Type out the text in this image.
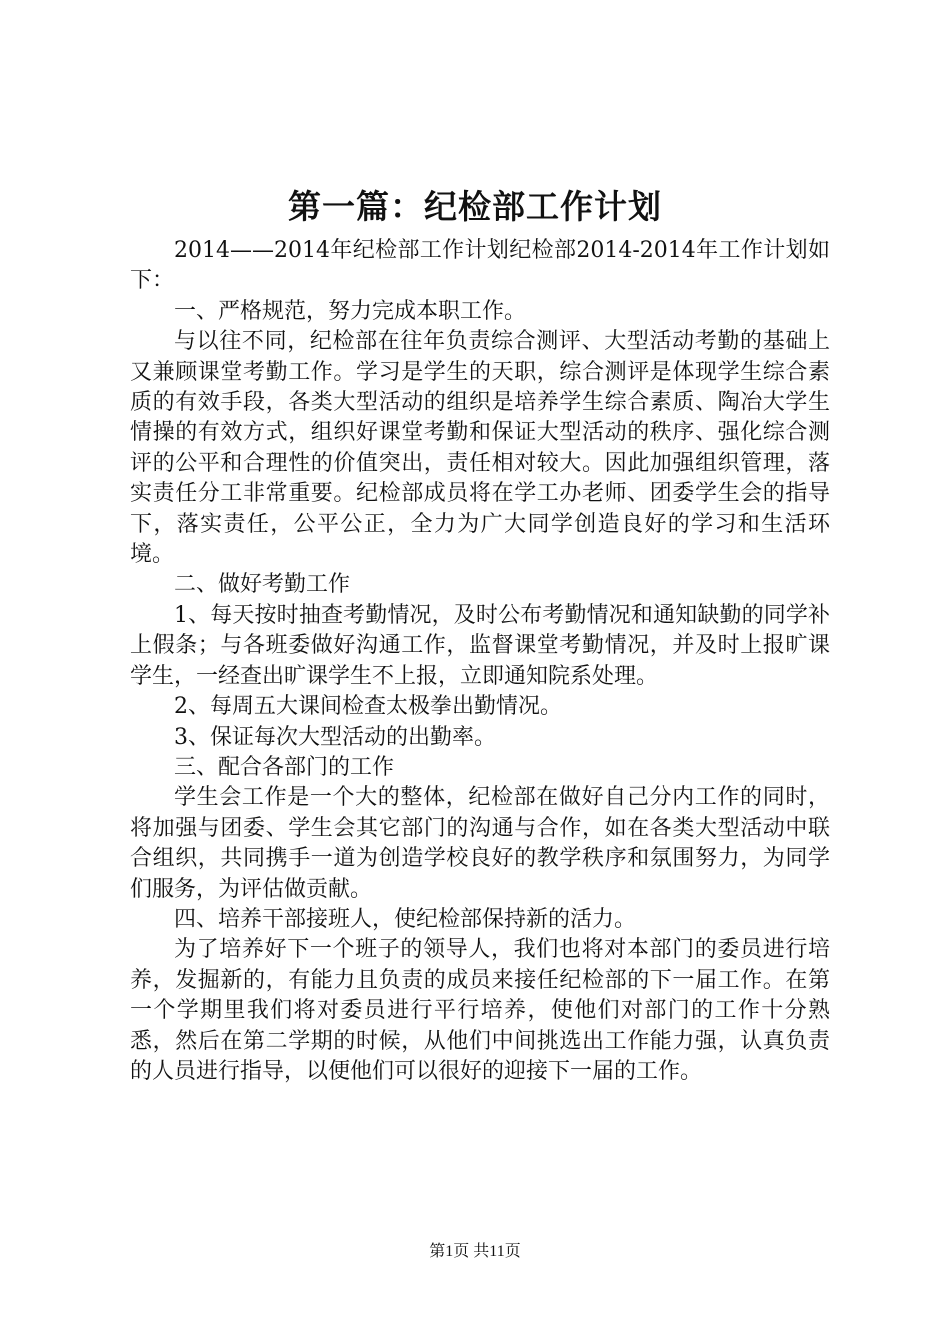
第一篇：纪检部工作计划

2014——2014年纪检部工作计划纪检部2014-2014年工作计划如下：

一、严格规范，努力完成本职工作。

与以往不同，纪检部在往年负责综合测评、大型活动考勤的基础上又兼顾课堂考勤工作。学习是学生的天职，综合测评是体现学生综合素质的有效手段，各类大型活动的组织是培养学生综合素质、陶冶大学生情操的有效方式，组织好课堂考勤和保证大型活动的秩序、强化综合测评的公平和合理性的价值突出，责任相对较大。因此加强组织管理，落实责任分工非常重要。纪检部成员将在学工办老师、团委学生会的指导下，落实责任，公平公正，全力为广大同学创造良好的学习和生活环境。

二、做好考勤工作

1、每天按时抽查考勤情况，及时公布考勤情况和通知缺勤的同学补上假条；与各班委做好沟通工作，监督课堂考勤情况，并及时上报旷课学生，一经查出旷课学生不上报，立即通知院系处理。

2、每周五大课间检查太极拳出勤情况。

3、保证每次大型活动的出勤率。

三、配合各部门的工作

学生会工作是一个大的整体，纪检部在做好自己分内工作的同时，将加强与团委、学生会其它部门的沟通与合作，如在各类大型活动中联合组织，共同携手一道为创造学校良好的教学秩序和氛围努力，为同学们服务，为评估做贡献。

四、培养干部接班人，使纪检部保持新的活力。

为了培养好下一个班子的领导人，我们也将对本部门的委员进行培养，发掘新的，有能力且负责的成员来接任纪检部的下一届工作。在第一个学期里我们将对委员进行平行培养，使他们对部门的工作十分熟悉，然后在第二学期的时候，从他们中间挑选出工作能力强，认真负责的人员进行指导，以便他们可以很好的迎接下一届的工作。

第1页 共11页
